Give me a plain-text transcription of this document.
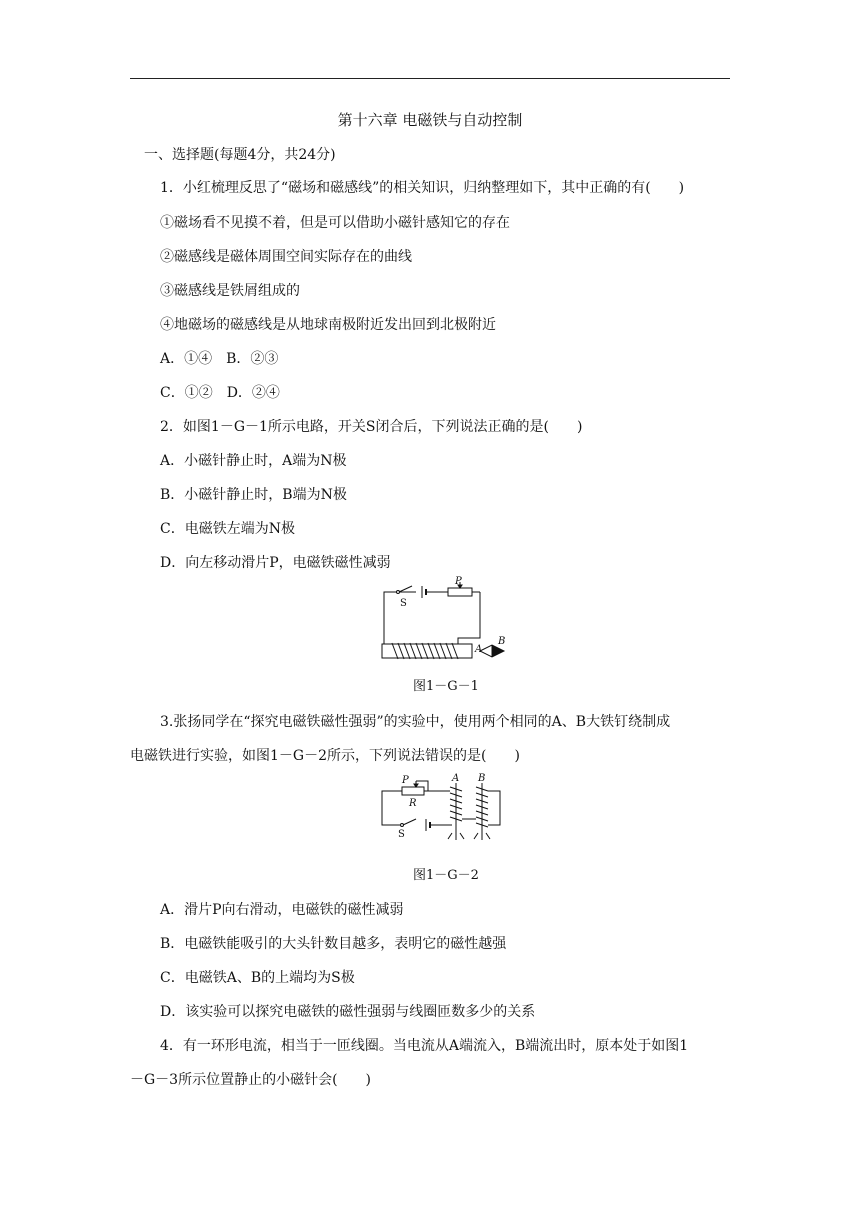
第十六章 电磁铁与自动控制
一、选择题(每题4分，共24分)
1．小红梳理反思了“磁场和磁感线”的相关知识，归纳整理如下，其中正确的有(　　)
①磁场看不见摸不着，但是可以借助小磁针感知它的存在
②磁感线是磁体周围空间实际存在的曲线
③磁感线是铁屑组成的
④地磁场的磁感线是从地球南极附近发出回到北极附近
A．①④　B．②③
C．①②　D．②④
2．如图1－G－1所示电路，开关S闭合后，下列说法正确的是(　　)
A．小磁针静止时，A端为N极
B．小磁针静止时，B端为N极
C．电磁铁左端为N极
D．向左移动滑片P，电磁铁磁性减弱
P
S
A
B
图1－G－1
3.张扬同学在“探究电磁铁磁性强弱”的实验中，使用两个相同的A、B大铁钉绕制成
电磁铁进行实验，如图1－G－2所示，下列说法错误的是(　　)
P
R
S
A B
图1－G－2
A．滑片P向右滑动，电磁铁的磁性减弱
B．电磁铁能吸引的大头针数目越多，表明它的磁性越强
C．电磁铁A、B的上端均为S极
D．该实验可以探究电磁铁的磁性强弱与线圈匝数多少的关系
4．有一环形电流，相当于一匝线圈。当电流从A端流入，B端流出时，原本处于如图1
－G－3所示位置静止的小磁针会(　　)
